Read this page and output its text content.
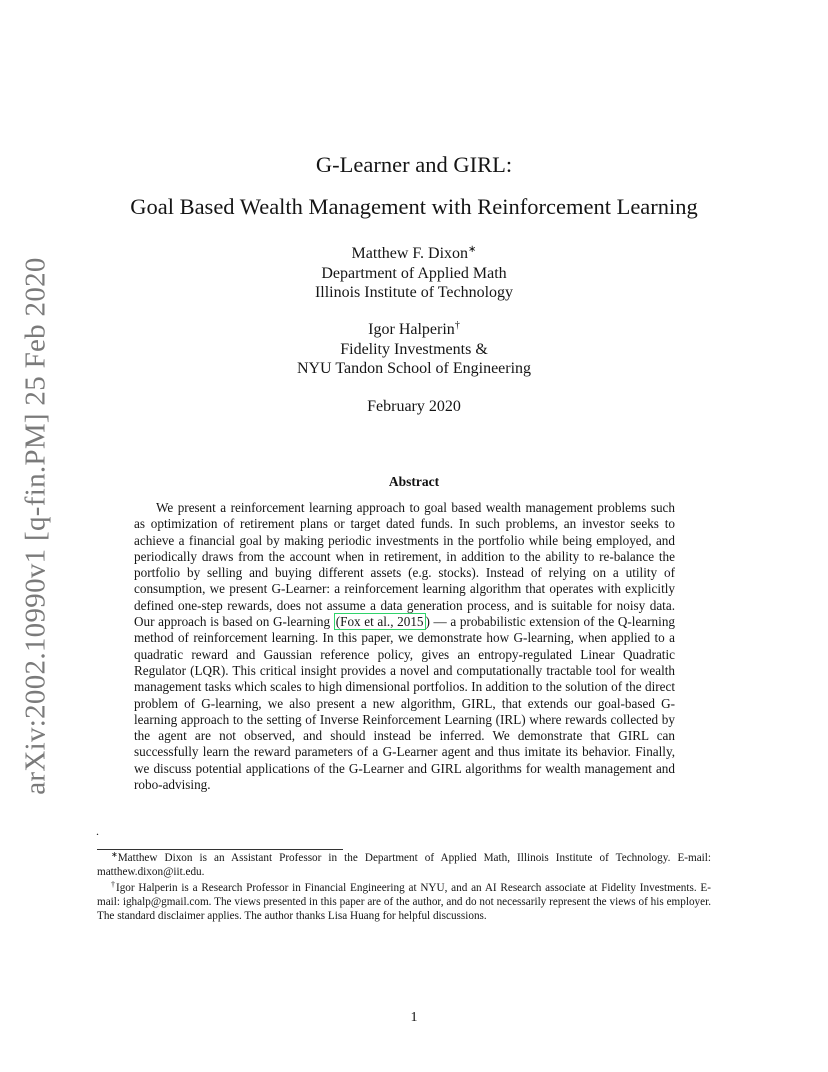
arXiv:2002.10990v1 [q-fin.PM] 25 Feb 2020
G-Learner and GIRL:
Goal Based Wealth Management with Reinforcement Learning
Matthew F. Dixon∗
Department of Applied Math
Illinois Institute of Technology
Igor Halperin†
Fidelity Investments &
NYU Tandon School of Engineering
February 2020
Abstract

We present a reinforcement learning approach to goal based wealth management problems such as optimization of retirement plans or target dated funds. In such problems, an investor seeks to achieve a financial goal by making periodic investments in the portfolio while being employed, and periodically draws from the account when in retirement, in addition to the ability to re-balance the portfolio by selling and buying different assets (e.g. stocks). Instead of relying on a utility of consumption, we present G-Learner: a reinforcement learning algorithm that operates with explicitly defined one-step rewards, does not assume a data generation process, and is suitable for noisy data. Our approach is based on G-learning (Fox et al., 2015 ) — a probabilistic extension of the Q-learning method of reinforcement learning. In this paper, we demonstrate how G-learning, when applied to a quadratic reward and Gaussian reference policy, gives an entropy-regulated Linear Quadratic Regulator (LQR). This critical insight provides a novel and computationally tractable tool for wealth management tasks which scales to high dimensional portfolios. In addition to the solution of the direct problem of G-learning, we also present a new algorithm, GIRL, that extends our goal-based G-learning approach to the setting of Inverse Reinforcement Learning (IRL) where rewards collected by the agent are not observed, and should instead be inferred. We demonstrate that GIRL can successfully learn the reward parameters of a G-Learner agent and thus imitate its behavior. Finally, we discuss potential applications of the G-Learner and GIRL algorithms for wealth management and robo-advising.

.

∗Matthew Dixon is an Assistant Professor in the Department of Applied Math, Illinois Institute of Technology. E-mail: matthew.dixon@iit.edu.

†Igor Halperin is a Research Professor in Financial Engineering at NYU, and an AI Research associate at Fidelity Investments. E-mail: ighalp@gmail.com. The views presented in this paper are of the author, and do not necessarily represent the views of his employer. The standard disclaimer applies. The author thanks Lisa Huang for helpful discussions.

1
